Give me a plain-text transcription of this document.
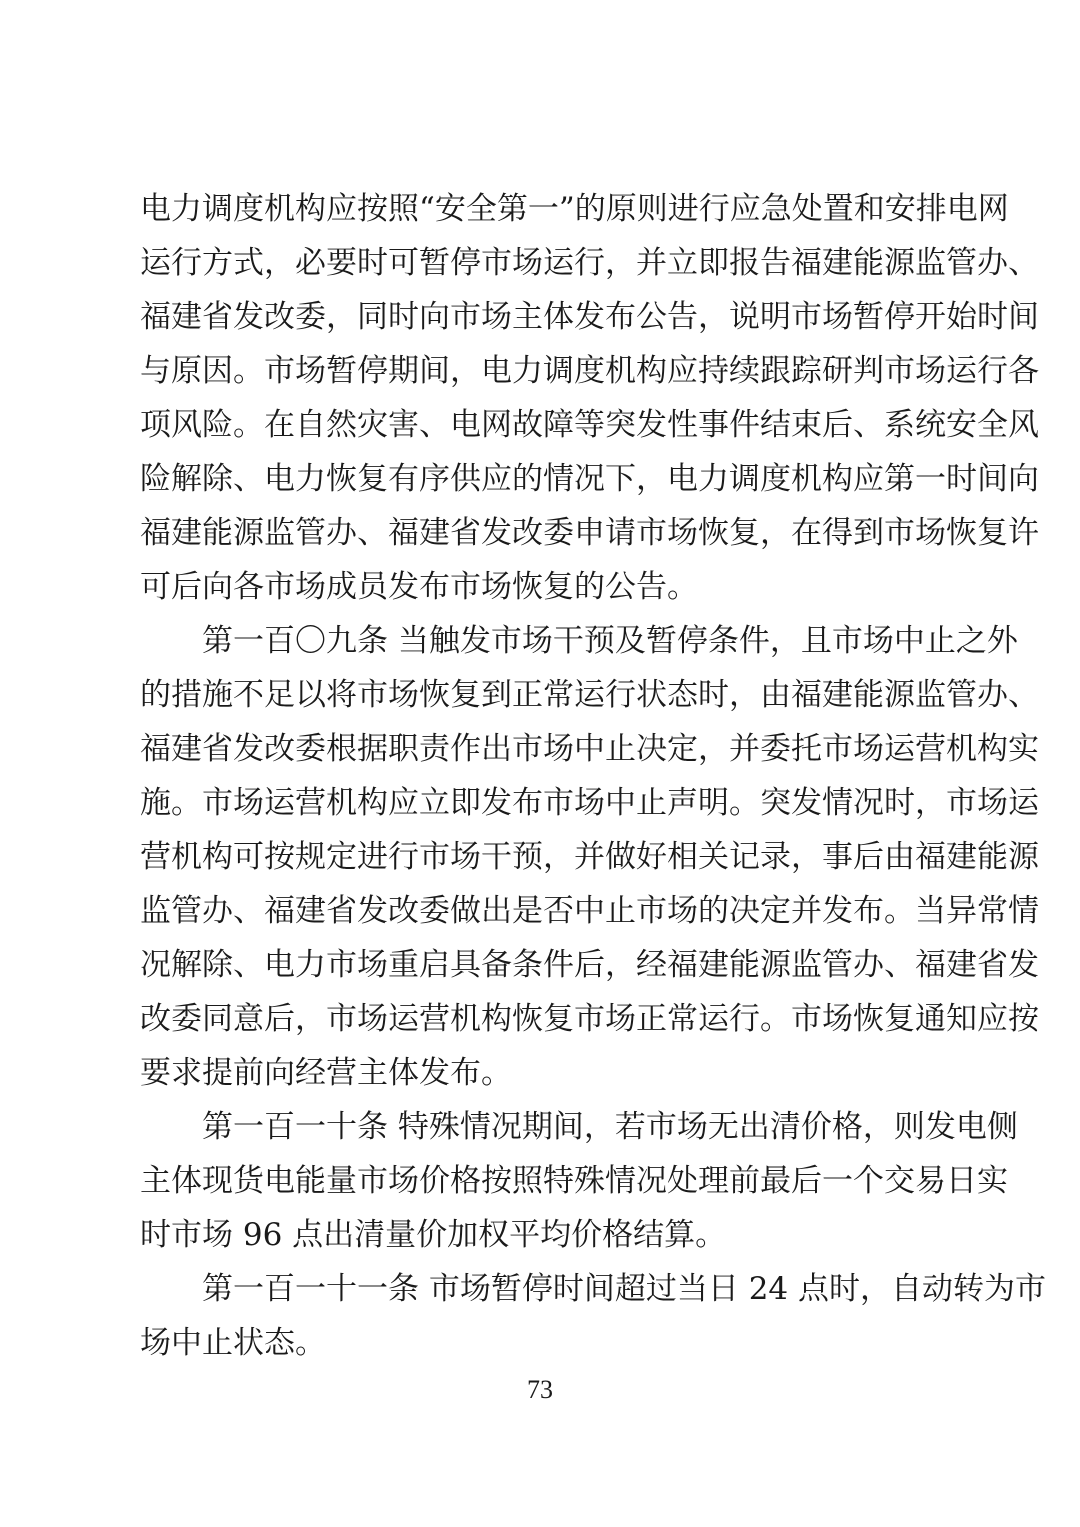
电力调度机构应按照“安全第一”的原则进行应急处置和安排电网
运行方式，必要时可暂停市场运行，并立即报告福建能源监管办、
福建省发改委，同时向市场主体发布公告，说明市场暂停开始时间
与原因。市场暂停期间，电力调度机构应持续跟踪研判市场运行各
项风险。在自然灾害、电网故障等突发性事件结束后、系统安全风
险解除、电力恢复有序供应的情况下，电力调度机构应第一时间向
福建能源监管办、福建省发改委申请市场恢复，在得到市场恢复许
可后向各市场成员发布市场恢复的公告。
　　第一百〇九条 当触发市场干预及暂停条件，且市场中止之外
的措施不足以将市场恢复到正常运行状态时，由福建能源监管办、
福建省发改委根据职责作出市场中止决定，并委托市场运营机构实
施。市场运营机构应立即发布市场中止声明。突发情况时，市场运
营机构可按规定进行市场干预，并做好相关记录，事后由福建能源
监管办、福建省发改委做出是否中止市场的决定并发布。当异常情
况解除、电力市场重启具备条件后，经福建能源监管办、福建省发
改委同意后，市场运营机构恢复市场正常运行。市场恢复通知应按
要求提前向经营主体发布。
　　第一百一十条 特殊情况期间，若市场无出清价格，则发电侧
主体现货电能量市场价格按照特殊情况处理前最后一个交易日实
时市场 96 点出清量价加权平均价格结算。
　　第一百一十一条 市场暂停时间超过当日 24 点时，自动转为市
场中止状态。
73
